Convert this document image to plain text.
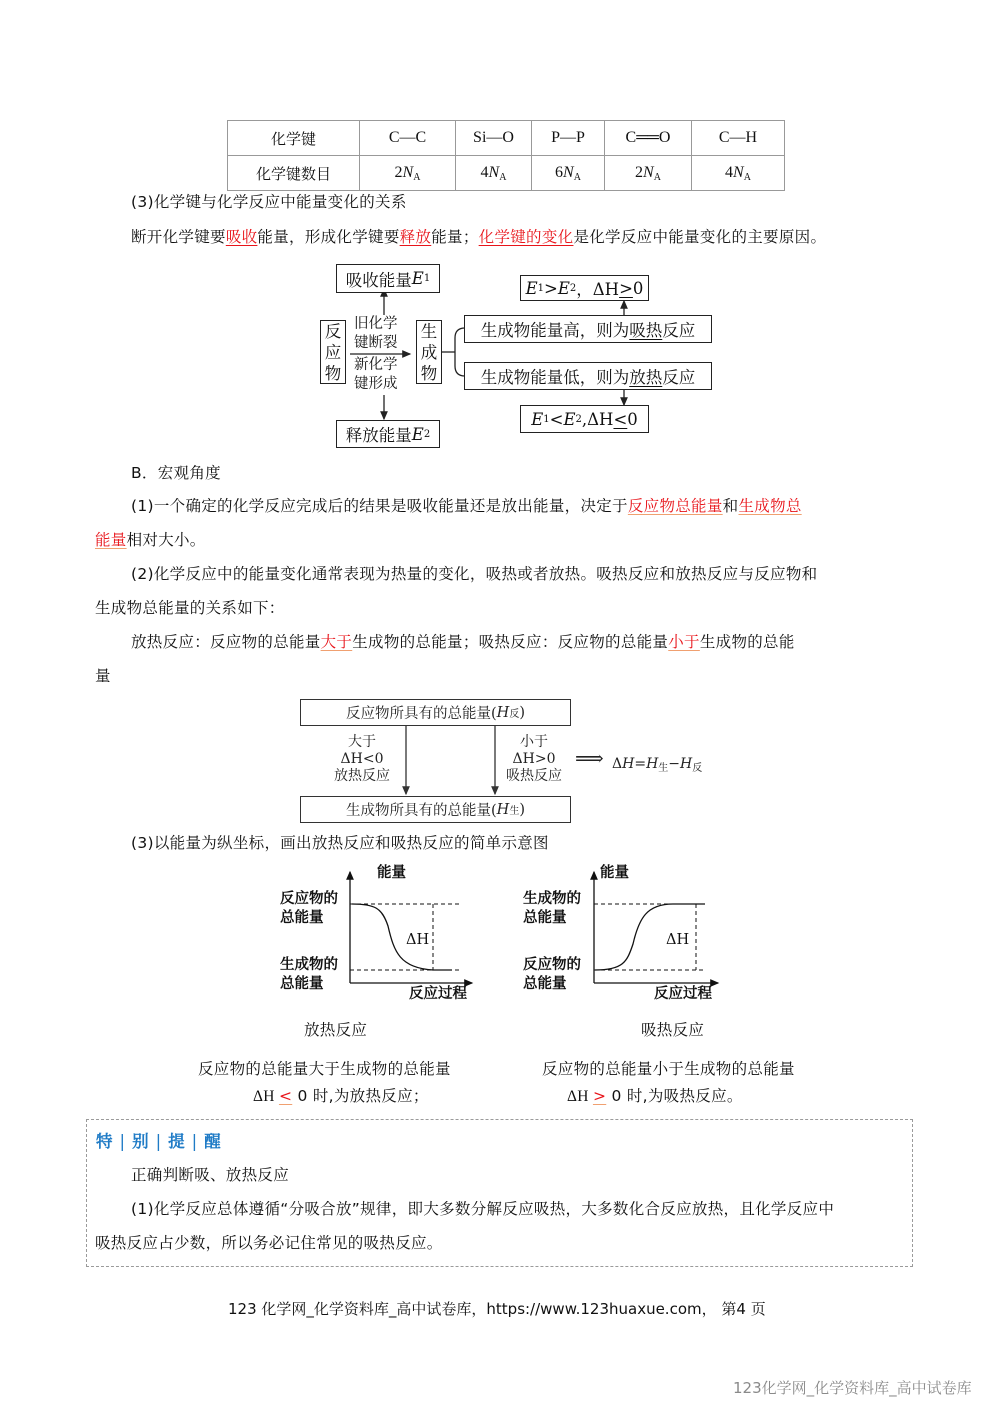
化学键	C—C	Si—O	P—P	C══O	C—H
化学键数目	$2N_A$	$4N_A$	$6N_A$	$2N_A$	$4N_A$
(3)化学键与化学反应中能量变化的关系
断开化学键要吸收能量，形成化学键要释放能量；化学键的变化是化学反应中能量变化的主要原因。
吸收能量 E 1
释放能量 E 2
反
应
物
生
成
物
旧化学
键断裂
新化学
键形成
E 1 > E 2 ，ΔH > 0
生成物能量高，则为 吸热 反应
生成物能量低，则为 放热 反应
E 1 < E 2 ,ΔH < 0
B．宏观角度
(1)一个确定的化学反应完成后的结果是吸收能量还是放出能量，决定于反应物总能量和生成物总
能量相对大小。
(2)化学反应中的能量变化通常表现为热量的变化，吸热或者放热。吸热反应和放热反应与反应物和
生成物总能量的关系如下：
放热反应：反应物的总能量大于生成物的总能量；吸热反应：反应物的总能量小于生成物的总能
量
反应物所具有的总能量( H 反 )
生成物所具有的总能量( H 生 )
大于
ΔH<0
放热反应
小于
ΔH>0
吸热反应
⟹ $\Delta H=H_生-H_反$
(3)以能量为纵坐标，画出放热反应和吸热反应的简单示意图
能量
反应物的
总能量
生成物的
总能量
ΔH
反应过程
放热反应
反应物的总能量大于生成物的总能量
ΔH < 0 时,为放热反应；
能量
生成物的
总能量
反应物的
总能量
ΔH
反应过程
吸热反应
反应物的总能量小于生成物的总能量
ΔH > 0 时,为吸热反应。
特 | 别 | 提 | 醒
正确判断吸、放热反应
(1)化学反应总体遵循“分吸合放”规律，即大多数分解反应吸热，大多数化合反应放热，且化学反应中
吸热反应占少数，所以务必记住常见的吸热反应。
123 化学网_化学资料库_高中试卷库，https://www.123huaxue.com， 第4 页
123化学网_化学资料库_高中试卷库
